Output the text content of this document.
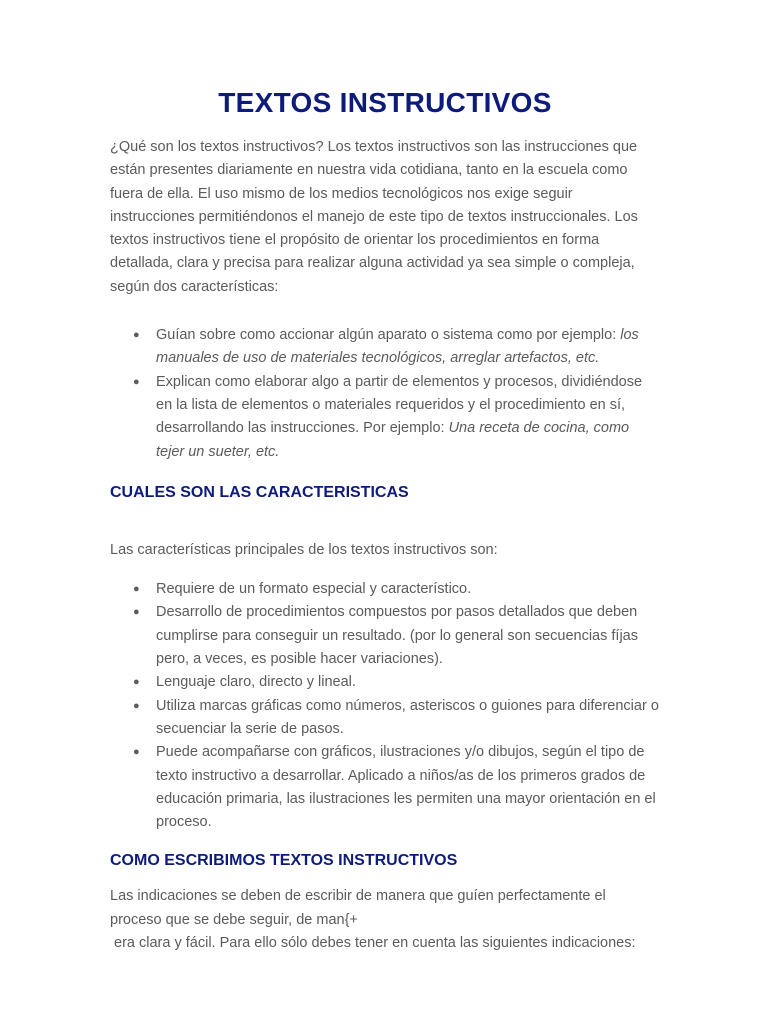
TEXTOS INSTRUCTIVOS

¿Qué son los textos instructivos? Los textos instructivos son las instrucciones que están presentes diariamente en nuestra vida cotidiana, tanto en la escuela como fuera de ella. El uso mismo de los medios tecnológicos nos exige seguir instrucciones permitiéndonos el manejo de este tipo de textos instruccionales. Los textos instructivos tiene el propósito de orientar los procedimientos en forma detallada, clara y precisa para realizar alguna actividad ya sea simple o compleja, según dos características:

● Guían sobre como accionar algún aparato o sistema como por ejemplo: los manuales de uso de materiales tecnológicos, arreglar artefactos, etc.
● Explican como elaborar algo a partir de elementos y procesos, dividiéndose en la lista de elementos o materiales requeridos y el procedimiento en sí, desarrollando las instrucciones. Por ejemplo: Una receta de cocina, como tejer un sueter, etc.
CUALES SON LAS CARACTERISTICAS

Las características principales de los textos instructivos son:

● Requiere de un formato especial y característico.
● Desarrollo de procedimientos compuestos por pasos detallados que deben cumplirse para conseguir un resultado. (por lo general son secuencias fíjas pero, a veces, es posible hacer variaciones).
● Lenguaje claro, directo y lineal.
● Utiliza marcas gráficas como números, asteriscos o guiones para diferenciar o secuenciar la serie de pasos.
● Puede acompañarse con gráficos, ilustraciones y/o dibujos, según el tipo de texto instructivo a desarrollar. Aplicado a niños/as de los primeros grados de educación primaria, las ilustraciones les permiten una mayor orientación en el proceso.
COMO ESCRIBIMOS TEXTOS INSTRUCTIVOS

Las indicaciones se deben de escribir de manera que guíen perfectamente el
proceso que se debe seguir, de man{+
era clara y fácil. Para ello sólo debes tener en cuenta las siguientes indicaciones:
